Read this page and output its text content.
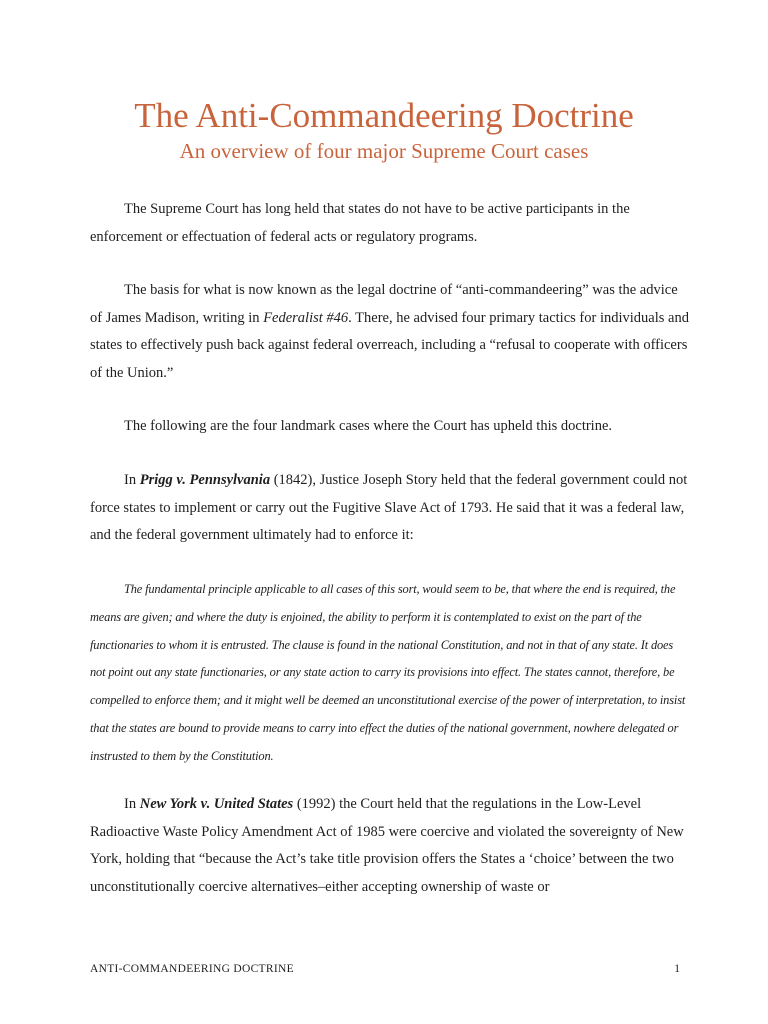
The Anti-Commandeering Doctrine
An overview of four major Supreme Court cases

The Supreme Court has long held that states do not have to be active participants in the enforcement or effectuation of federal acts or regulatory programs.

The basis for what is now known as the legal doctrine of “anti-commandeering” was the advice of James Madison, writing in Federalist #46. There, he advised four primary tactics for individuals and states to effectively push back against federal overreach, including a “refusal to cooperate with officers of the Union.”

The following are the four landmark cases where the Court has upheld this doctrine.

In Prigg v. Pennsylvania (1842), Justice Joseph Story held that the federal government could not force states to implement or carry out the Fugitive Slave Act of 1793. He said that it was a federal law, and the federal government ultimately had to enforce it:

The fundamental principle applicable to all cases of this sort, would seem to be, that where the end is required, the means are given; and where the duty is enjoined, the ability to perform it is contemplated to exist on the part of the functionaries to whom it is entrusted. The clause is found in the national Constitution, and not in that of any state. It does not point out any state functionaries, or any state action to carry its provisions into effect. The states cannot, therefore, be compelled to enforce them; and it might well be deemed an unconstitutional exercise of the power of interpretation, to insist that the states are bound to provide means to carry into effect the duties of the national government, nowhere delegated or instrusted to them by the Constitution.

In New York v. United States (1992) the Court held that the regulations in the Low-Level Radioactive Waste Policy Amendment Act of 1985 were coercive and violated the sovereignty of New York, holding that “because the Act’s take title provision offers the States a ‘choice’ between the two unconstitutionally coercive alternatives–either accepting ownership of waste or

ANTI-COMMANDEERING DOCTRINE	1
